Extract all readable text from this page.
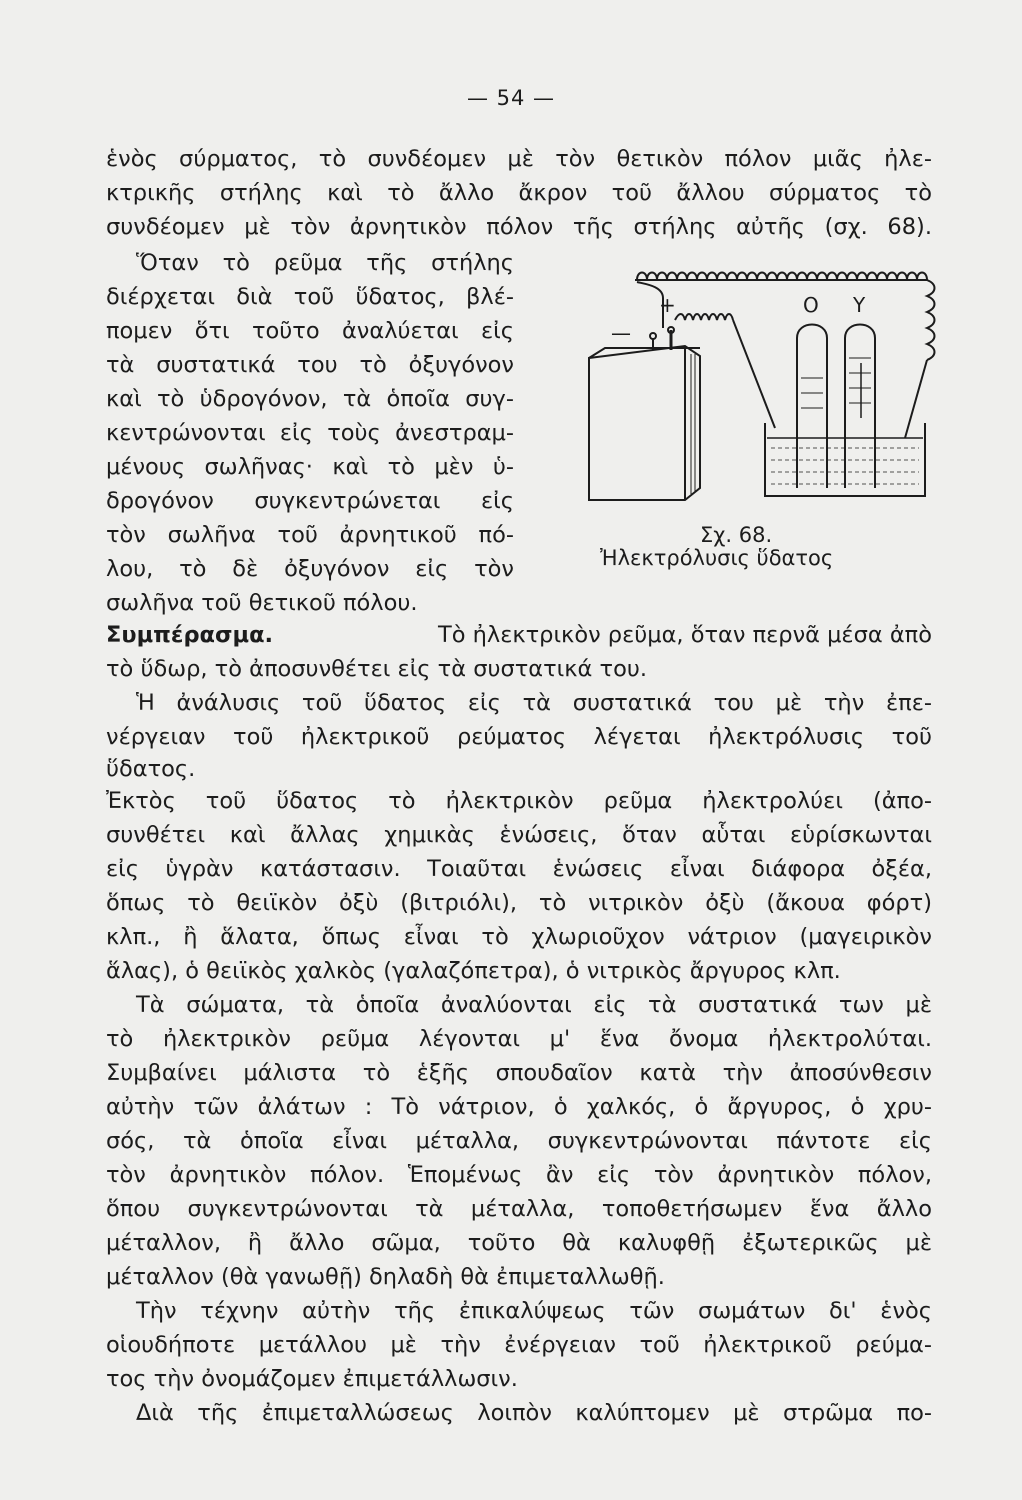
— 54 —
ἑνὸς σύρματος, τὸ συνδέομεν μὲ τὸν θετικὸν πόλον μιᾶς ἠλε-
κτρικῆς στήλης καὶ τὸ ἄλλο ἄκρον τοῦ ἄλλου σύρματος τὸ
συνδέομεν μὲ τὸν ἀρνητικὸν πόλον τῆς στήλης αὐτῆς (σχ. 68).
Ὅταν τὸ ρεῦμα τῆς στήλης
διέρχεται διὰ τοῦ ὕδατος, βλέ-
πομεν ὅτι τοῦτο ἀναλύεται εἰς
τὰ συστατικά του τὸ ὀξυγόνον
καὶ τὸ ὑδρογόνον, τὰ ὁποῖα συγ-
κεντρώνονται εἰς τοὺς ἀνεστραμ-
μένους σωλῆνας· καὶ τὸ μὲν ὑ-
δρογόνον συγκεντρώνεται εἰς
τὸν σωλῆνα τοῦ ἀρνητικοῦ πό-
λου, τὸ δὲ ὀξυγόνον εἰς τὸν
σωλῆνα τοῦ θετικοῦ πόλου.
Συμπέρασμα.	Τὸ ἠλεκτρικὸν ρεῦμα, ὅταν περνᾶ μέσα ἀπὸ
τὸ ὕδωρ, τὸ ἀποσυνθέτει εἰς τὰ συστατικά του.
Ἡ ἀνάλυσις τοῦ ὕδατος εἰς τὰ συστατικά του μὲ τὴν ἐπε-
νέργειαν τοῦ ἠλεκτρικοῦ ρεύματος λέγεται ἠλεκτρόλυσις τοῦ
ὕδατος.
Ἐκτὸς τοῦ ὕδατος τὸ ἠλεκτρικὸν ρεῦμα ἠλεκτρολύει (ἀπο-
συνθέτει καὶ ἄλλας χημικὰς ἑνώσεις, ὅταν αὗται εὑρίσκωνται
εἰς ὑγρὰν κατάστασιν. Τοιαῦται ἑνώσεις εἶναι διάφορα ὀξέα,
ὅπως τὸ θειϊκὸν ὀξὺ (βιτριόλι), τὸ νιτρικὸν ὀξὺ (ἄκουα φόρτ)
κλπ., ἢ ἅλατα, ὅπως εἶναι τὸ χλωριοῦχον νάτριον (μαγειρικὸν
ἅλας), ὁ θειϊκὸς χαλκὸς (γαλαζόπετρα), ὁ νιτρικὸς ἄργυρος κλπ.
Τὰ σώματα, τὰ ὁποῖα ἀναλύονται εἰς τὰ συστατικά των μὲ
τὸ ἠλεκτρικὸν ρεῦμα λέγονται μ' ἕνα ὄνομα ἠλεκτρολύται.
Συμβαίνει μάλιστα τὸ ἑξῆς σπουδαῖον κατὰ τὴν ἀποσύνθεσιν
αὐτὴν τῶν ἀλάτων : Τὸ νάτριον, ὁ χαλκός, ὁ ἄργυρος, ὁ χρυ-
σός, τὰ ὁποῖα εἶναι μέταλλα, συγκεντρώνονται πάντοτε εἰς
τὸν ἀρνητικὸν πόλον. Ἑπομένως ἂν εἰς τὸν ἀρνητικὸν πόλον,
ὅπου συγκεντρώνονται τὰ μέταλλα, τοποθετήσωμεν ἕνα ἄλλο
μέταλλον, ἢ ἄλλο σῶμα, τοῦτο θὰ καλυφθῇ ἐξωτερικῶς μὲ
μέταλλον (θὰ γανωθῇ) δηλαδὴ θὰ ἐπιμεταλλωθῇ.
Τὴν τέχνην αὐτὴν τῆς ἐπικαλύψεως τῶν σωμάτων δι' ἑνὸς
οἱουδήποτε μετάλλου μὲ τὴν ἐνέργειαν τοῦ ἠλεκτρικοῦ ρεύμα-
τος τὴν ὀνομάζομεν ἐπιμετάλλωσιν.
Διὰ τῆς ἐπιμεταλλώσεως λοιπὸν καλύπτομεν μὲ στρῶμα πο-
+
—
Ο Υ
Σχ. 68.
Ἠλεκτρόλυσις ὕδατος
